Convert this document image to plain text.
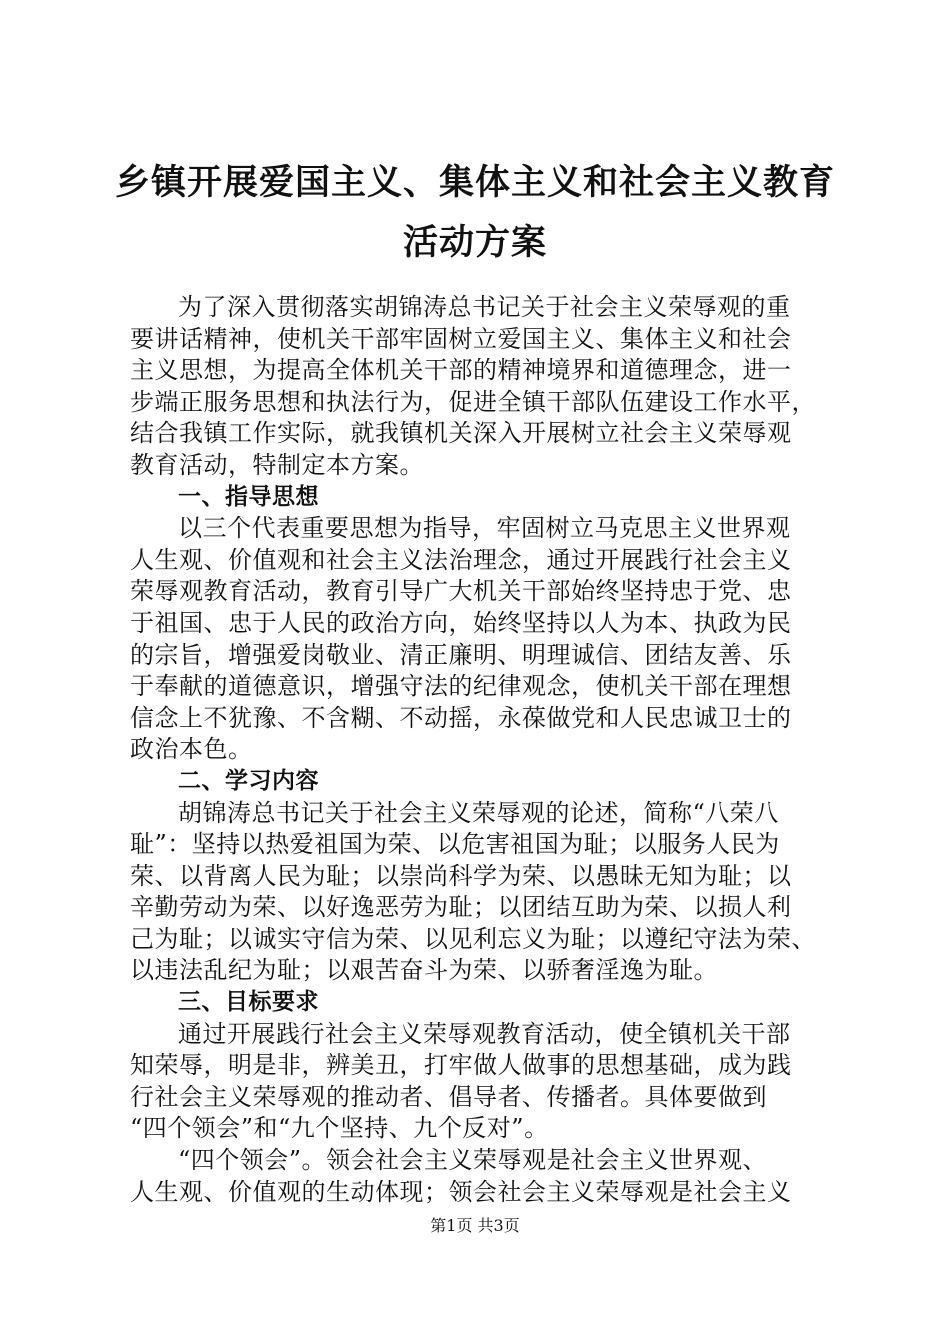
乡镇开展爱国主义、集体主义和社会主义教育
活动方案
为了深入贯彻落实胡锦涛总书记关于社会主义荣辱观的重
要讲话精神，使机关干部牢固树立爱国主义、集体主义和社会
主义思想，为提高全体机关干部的精神境界和道德理念，进一
步端正服务思想和执法行为，促进全镇干部队伍建设工作水平，
结合我镇工作实际，就我镇机关深入开展树立社会主义荣辱观
教育活动，特制定本方案。
一、指导思想
以三个代表重要思想为指导，牢固树立马克思主义世界观
人生观、价值观和社会主义法治理念，通过开展践行社会主义
荣辱观教育活动，教育引导广大机关干部始终坚持忠于党、忠
于祖国、忠于人民的政治方向，始终坚持以人为本、执政为民
的宗旨，增强爱岗敬业、清正廉明、明理诚信、团结友善、乐
于奉献的道德意识，增强守法的纪律观念，使机关干部在理想
信念上不犹豫、不含糊、不动摇，永葆做党和人民忠诚卫士的
政治本色。
二、学习内容
胡锦涛总书记关于社会主义荣辱观的论述，简称“八荣八
耻”：坚持以热爱祖国为荣、以危害祖国为耻；以服务人民为
荣、以背离人民为耻；以崇尚科学为荣、以愚昧无知为耻；以
辛勤劳动为荣、以好逸恶劳为耻；以团结互助为荣、以损人利
己为耻；以诚实守信为荣、以见利忘义为耻；以遵纪守法为荣、
以违法乱纪为耻；以艰苦奋斗为荣、以骄奢淫逸为耻。
三、目标要求
通过开展践行社会主义荣辱观教育活动，使全镇机关干部
知荣辱，明是非，辨美丑，打牢做人做事的思想基础，成为践
行社会主义荣辱观的推动者、倡导者、传播者。具体要做到
“四个领会”和“九个坚持、九个反对”。
“四个领会”。领会社会主义荣辱观是社会主义世界观、
人生观、价值观的生动体现；领会社会主义荣辱观是社会主义
第1页 共3页
